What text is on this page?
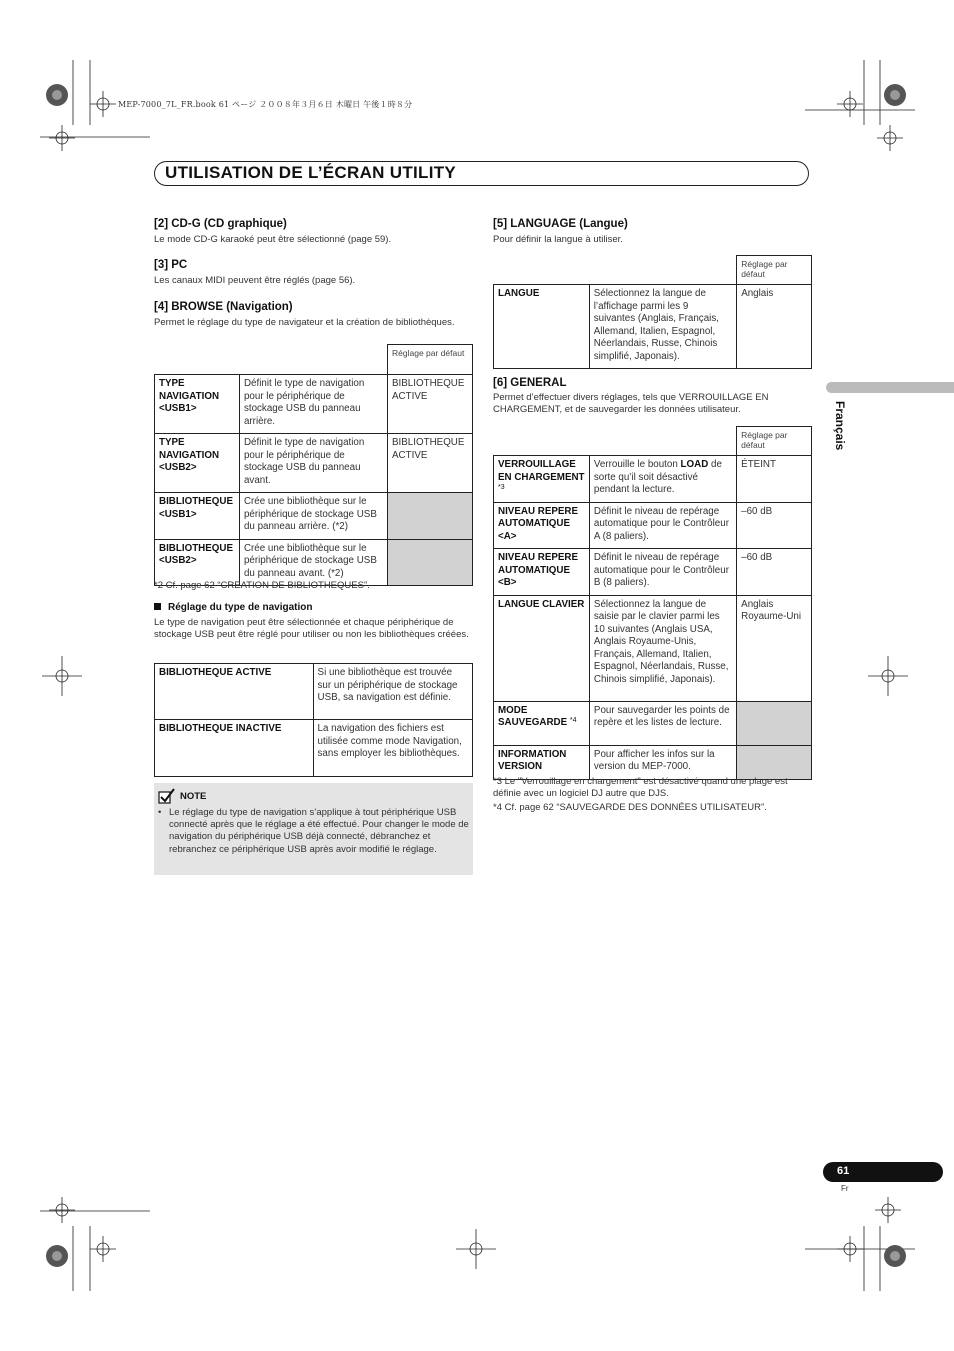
MEP-7000_7L_FR.book 61 ページ ２００８年３月６日 木曜日 午後１時８分
UTILISATION DE L’ÉCRAN UTILITY
[2] CD-G (CD graphique)

Le mode CD-G karaoké peut être sélectionné (page 59).

[3] PC

Les canaux MIDI peuvent être réglés (page 56).

[4] BROWSE (Navigation)

Permet le réglage du type de navigateur et la création de bibliothèques.

		Réglage par défaut
TYPE NAVIGATION <USB1>	Définit le type de navigation pour le périphérique de stockage USB du panneau arrière.	BIBLIOTHEQUE ACTIVE
TYPE NAVIGATION <USB2>	Définit le type de navigation pour le périphérique de stockage USB du panneau avant.	BIBLIOTHEQUE ACTIVE
BIBLIOTHEQUE <USB1>	Crée une bibliothèque sur le périphérique de stockage USB du panneau arrière. (*2)	
BIBLIOTHEQUE <USB2>	Crée une bibliothèque sur le périphérique de stockage USB du panneau avant. (*2)	
*2 Cf. page 62 “CREATION DE BIBLIOTHEQUES”.
Réglage du type de navigation

Le type de navigation peut être sélectionnée et chaque périphérique de stockage USB peut être réglé pour utiliser ou non les bibliothèques créées.

BIBLIOTHEQUE ACTIVE	Si une bibliothèque est trouvée sur un périphérique de stockage USB, sa navigation est définie.
BIBLIOTHEQUE INACTIVE	La navigation des fichiers est utilisée comme mode Navigation, sans employer les bibliothèques.
NOTE
• Le réglage du type de navigation s’applique à tout périphérique USB connecté après que le réglage a été effectué. Pour changer le mode de navigation du périphérique USB déjà connecté, débranchez et rebranchez ce périphérique USB après avoir modifié le réglage.
[5] LANGUAGE (Langue)

Pour définir la langue à utiliser.

		Réglage par défaut
LANGUE	Sélectionnez la langue de l’affichage parmi les 9 suivantes (Anglais, Français, Allemand, Italien, Espagnol, Néerlandais, Russe, Chinois simplifié, Japonais).	Anglais
[6] GENERAL

Permet d’effectuer divers réglages, tels que VERROUILLAGE EN CHARGEMENT, et de sauvegarder les données utilisateur.

		Réglage par défaut
VERROUILLAGE EN CHARGEMENT $^{*3}$	Verrouille le bouton LOAD de sorte qu’il soit désactivé pendant la lecture.	ÉTEINT
NIVEAU REPERE AUTOMATIQUE <A>	Définit le niveau de repérage automatique pour le Contrôleur A (8 paliers).	–60 dB
NIVEAU REPERE AUTOMATIQUE <B>	Définit le niveau de repérage automatique pour le Contrôleur B (8 paliers).	–60 dB
LANGUE CLAVIER	Sélectionnez la langue de saisie par le clavier parmi les 10 suivantes (Anglais USA, Anglais Royaume-Unis, Français, Allemand, Italien, Espagnol, Néerlandais, Russe, Chinois simplifié, Japonais).	Anglais Royaume-Uni
MODE SAUVEGARDE $^{*4}$	Pour sauvegarder les points de repère et les listes de lecture.	
INFORMATION VERSION	Pour afficher les infos sur la version du MEP-7000.	
*3 Le "Verrouillage en chargement" est désactivé quand une plage est définie avec un logiciel DJ autre que DJS.
*4 Cf. page 62 “SAUVEGARDE DES DONNÉES UTILISATEUR”.
Français
61
Fr
